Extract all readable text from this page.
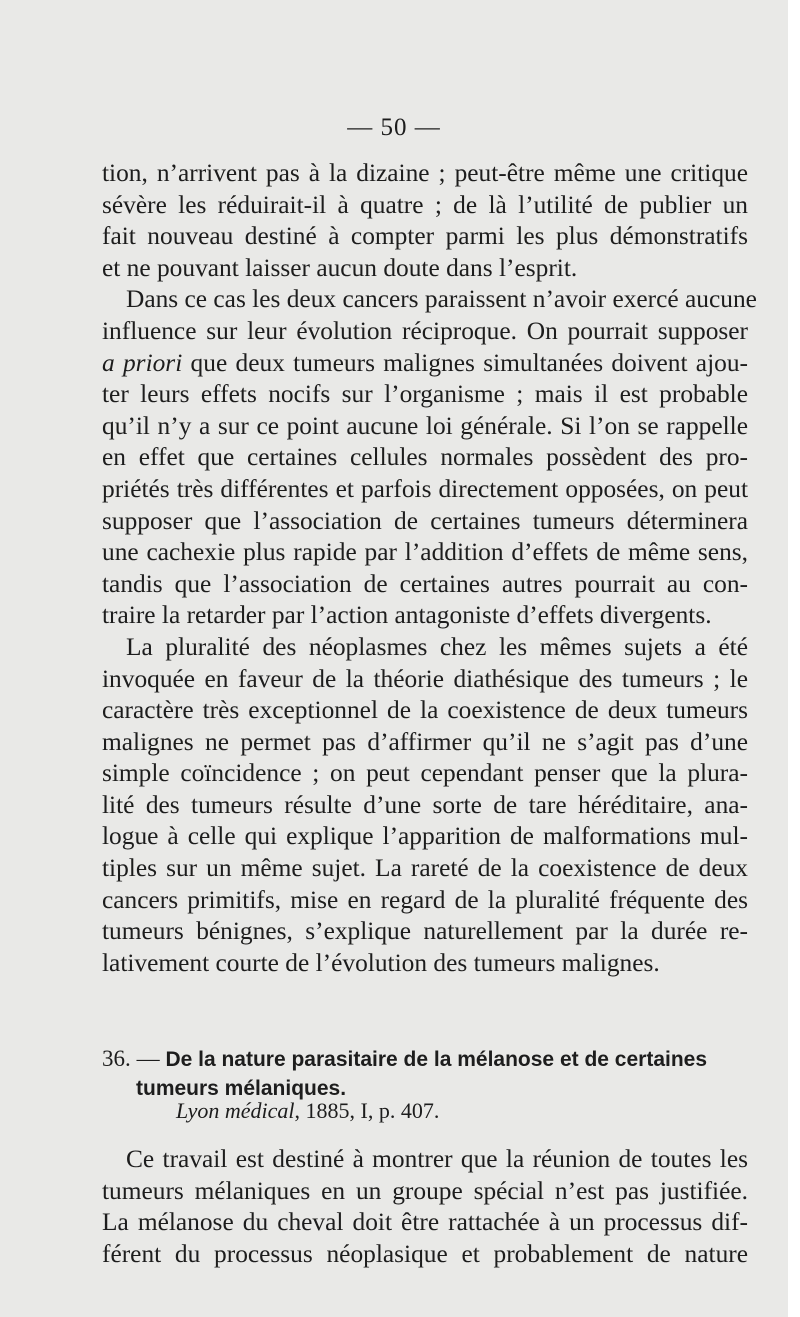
— 50 —
tion, n’arrivent pas à la dizaine ; peut-être même une critique
sévère les réduirait-il à quatre ; de là l’utilité de publier un
fait nouveau destiné à compter parmi les plus démonstratifs
et ne pouvant laisser aucun doute dans l’esprit.
Dans ce cas les deux cancers paraissent n’avoir exercé aucune
influence sur leur évolution réciproque. On pourrait supposer
a priori que deux tumeurs malignes simultanées doivent ajou-
ter leurs effets nocifs sur l’organisme ; mais il est probable
qu’il n’y a sur ce point aucune loi générale. Si l’on se rappelle
en effet que certaines cellules normales possèdent des pro-
priétés très différentes et parfois directement opposées, on peut
supposer que l’association de certaines tumeurs déterminera
une cachexie plus rapide par l’addition d’effets de même sens,
tandis que l’association de certaines autres pourrait au con-
traire la retarder par l’action antagoniste d’effets divergents.
La pluralité des néoplasmes chez les mêmes sujets a été
invoquée en faveur de la théorie diathésique des tumeurs ; le
caractère très exceptionnel de la coexistence de deux tumeurs
malignes ne permet pas d’affirmer qu’il ne s’agit pas d’une
simple coïncidence ; on peut cependant penser que la plura-
lité des tumeurs résulte d’une sorte de tare héréditaire, ana-
logue à celle qui explique l’apparition de malformations mul-
tiples sur un même sujet. La rareté de la coexistence de deux
cancers primitifs, mise en regard de la pluralité fréquente des
tumeurs bénignes, s’explique naturellement par la durée re-
lativement courte de l’évolution des tumeurs malignes.
36. — De la nature parasitaire de la mélanose et de certaines
tumeurs mélaniques.
Lyon médical, 1885, I, p. 407.
Ce travail est destiné à montrer que la réunion de toutes les
tumeurs mélaniques en un groupe spécial n’est pas justifiée.
La mélanose du cheval doit être rattachée à un processus dif-
férent du processus néoplasique et probablement de nature
